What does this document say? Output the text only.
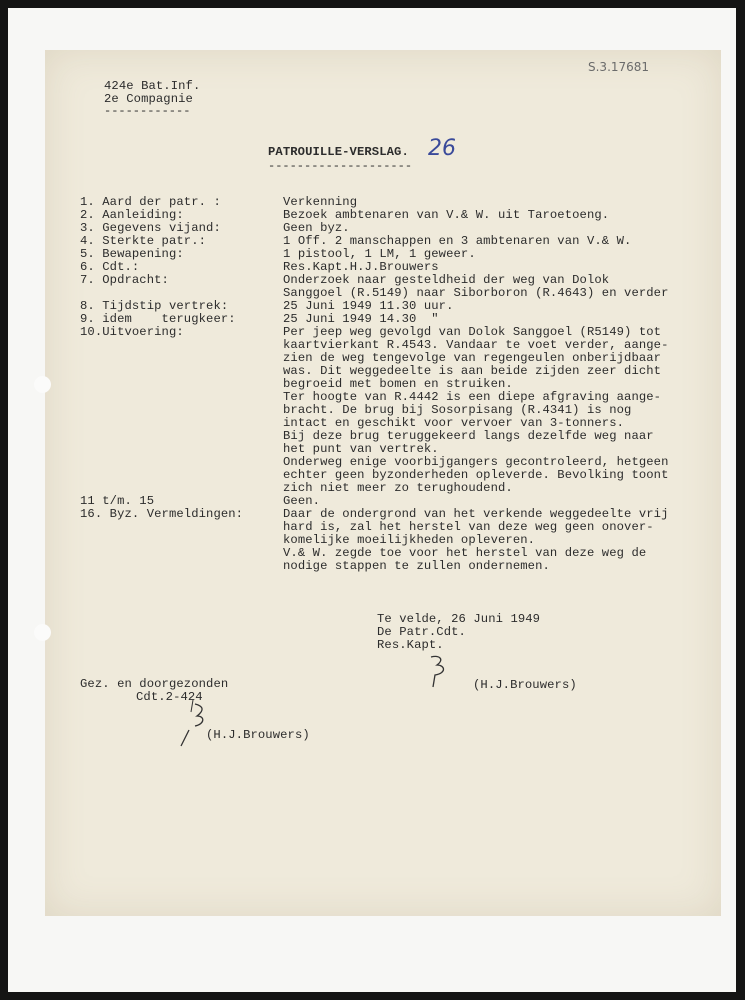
S.3.17681
424e Bat.Inf.
2e Compagnie
------------
PATROUILLE-VERSLAG.
--------------------
26
1. Aard der patr. :	Verkenning
2. Aanleiding:	Bezoek ambtenaren van V.& W. uit Taroetoeng.
3. Gegevens vijand:	Geen byz.
4. Sterkte patr.:	1 Off. 2 manschappen en 3 ambtenaren van V.& W.
5. Bewapening:	1 pistool, 1 LM, 1 geweer.
6. Cdt.:	Res.Kapt.H.J.Brouwers
7. Opdracht:	Onderzoek naar gesteldheid der weg van Dolok
Sanggoel (R.5149) naar Siborboron (R.4643) en verder
8. Tijdstip vertrek:	25 Juni 1949 11.30 uur.
9. idem    terugkeer:	25 Juni 1949 14.30  "
10.Uitvoering:	Per jeep weg gevolgd van Dolok Sanggoel (R5149) tot
kaartvierkant R.4543. Vandaar te voet verder, aange-
zien de weg tengevolge van regengeulen onberijdbaar
was. Dit weggedeelte is aan beide zijden zeer dicht
begroeid met bomen en struiken.
Ter hoogte van R.4442 is een diepe afgraving aange-
bracht. De brug bij Sosorpisang (R.4341) is nog
intact en geschikt voor vervoer van 3-tonners.
Bij deze brug teruggekeerd langs dezelfde weg naar
het punt van vertrek.
Onderweg enige voorbijgangers gecontroleerd, hetgeen
echter geen byzonderheden opleverde. Bevolking toont
zich niet meer zo terughoudend.
11 t/m. 15	Geen.
16. Byz. Vermeldingen:	Daar de ondergrond van het verkende weggedeelte vrij
hard is, zal het herstel van deze weg geen onover-
komelijke moeilijkheden opleveren.
V.& W. zegde toe voor het herstel van deze weg de
nodige stappen te zullen ondernemen.
Te velde, 26 Juni 1949
De Patr.Cdt.
Res.Kapt.
(H.J.Brouwers)
Gez. en doorgezonden
Cdt.2-424
(H.J.Brouwers)
